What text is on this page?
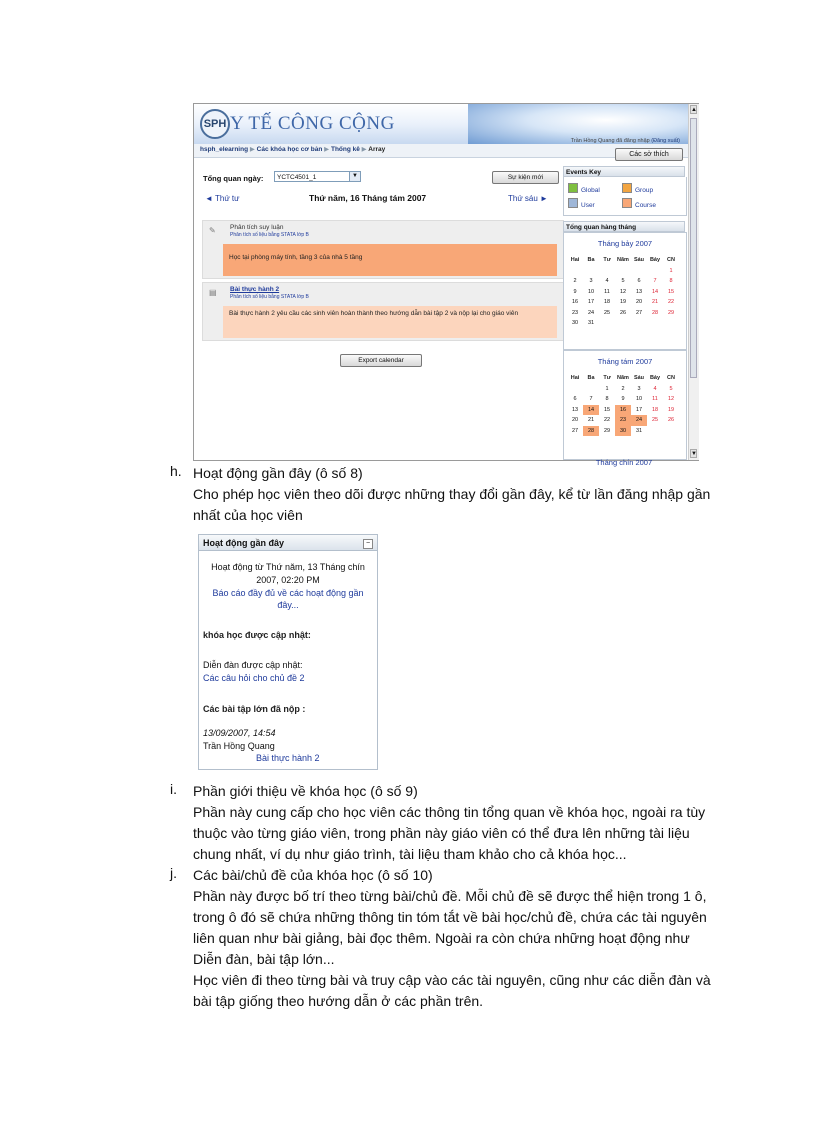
SPH Y TẾ CÔNG CỘNG
hsph_elearning ▶ Các khóa học cơ bản ▶ Thống kê ▶ Array
Trần Hồng Quang đã đăng nhập (Đăng xuất)
Các sở thích
Tổng quan ngày:	YCTC4501_1	▼	Sự kiện mới
◄ Thứ tư	Thứ năm, 16 Tháng tám 2007	Thứ sáu ►
✎ Phân tích suy luận
Phân tích số liệu bằng STATA lớp B
Học tại phòng máy tính, tầng 3 của nhà 5 tầng
▤ Bài thực hành 2
Phân tích số liệu bằng STATA lớp B
Bài thực hành 2 yêu cầu các sinh viên hoàn thành theo hướng dẫn bài tập 2 và nộp lại cho giáo viên
Export calendar
Events Key
Global	Group
User	Course
Tổng quan hàng tháng
Tháng bảy 2007
Hai	Ba	Tư	Năm	Sáu	Bảy	CN
						1
2	3	4	5	6	7	8
9	10	11	12	13	14	15
16	17	18	19	20	21	22
23	24	25	26	27	28	29
30	31					
Tháng tám 2007
Hai	Ba	Tư	Năm	Sáu	Bảy	CN
		1	2	3	4	5
6	7	8	9	10	11	12
13	14	15	16	17	18	19
20	21	22	23	24	25	26
27	28	29	30	31		
Tháng chín 2007
▲
▼
h. Hoạt động gần đây (ô số 8)
Cho phép học viên theo dõi được những thay đổi gần đây, kể từ lần đăng nhập gần nhất của học viên
Hoạt động gần đây	−
Hoạt động từ Thứ năm, 13 Tháng chín
2007, 02:20 PM
Báo cáo đầy đủ về các hoạt động gần
đây...
khóa học được cập nhật:
Diễn đàn được cập nhật:
Các câu hỏi cho chủ đề 2
Các bài tập lớn đã nộp :
13/09/2007, 14:54
Trần Hồng Quang
Bài thực hành 2
i. Phần giới thiệu về khóa học (ô số 9)
Phần này cung cấp cho học viên các thông tin tổng quan về khóa học, ngoài ra tùy thuộc vào từng giáo viên, trong phần này giáo viên có thể đưa lên những tài liệu chung nhất, ví dụ như giáo trình, tài liệu tham khảo cho cả khóa học...
j. Các bài/chủ đề của khóa học (ô số 10)
Phần này được bố trí theo từng bài/chủ đề. Mỗi chủ đề sẽ được thể hiện trong 1 ô, trong ô đó sẽ chứa những thông tin tóm tắt về bài học/chủ đề, chứa các tài nguyên liên quan như bài giảng, bài đọc thêm. Ngoài ra còn chứa những hoạt động như Diễn đàn, bài tập lớn...
Học viên đi theo từng bài và truy cập vào các tài nguyên, cũng như các diễn đàn và bài tập giống theo hướng dẫn ở các phần trên.
